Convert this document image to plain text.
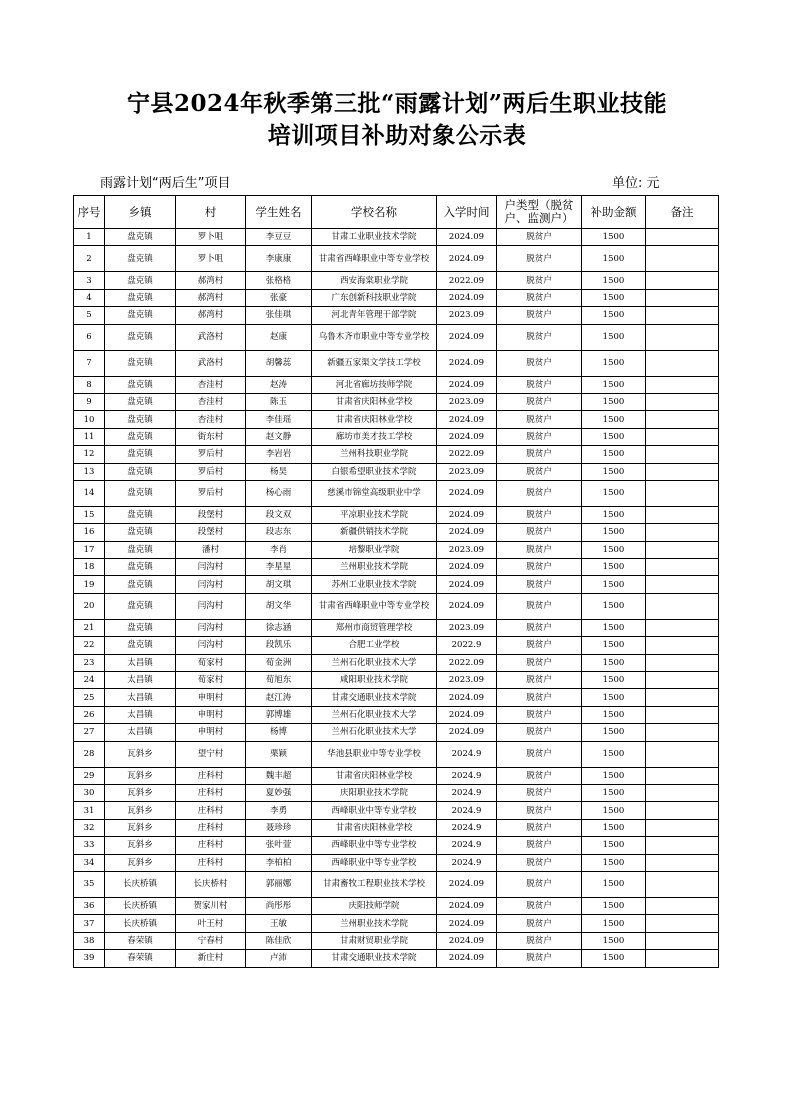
宁县2024年秋季第三批“雨露计划”两后生职业技能
培训项目补助对象公示表
雨露计划“两后生”项目	单位: 元
序号	乡镇	村	学生姓名	学校名称	入学时间	户类型（脱贫户、监测户）	补助金额	备注
1	盘克镇	罗卜咀	李豆豆	甘肃工业职业技术学院	2024.09	脱贫户	1500	
2	盘克镇	罗卜咀	李康康	甘肃省西峰职业中等专业学校	2024.09	脱贫户	1500	
3	盘克镇	郝湾村	张格格	西安海棠职业学院	2022.09	脱贫户	1500	
4	盘克镇	郝湾村	张豪	广东创新科技职业学院	2024.09	脱贫户	1500	
5	盘克镇	郝湾村	张佳琪	河北青年管理干部学院	2023.09	脱贫户	1500	
6	盘克镇	武洛村	赵康	乌鲁木齐市职业中等专业学校	2024.09	脱贫户	1500	
7	盘克镇	武洛村	胡馨蕊	新疆五家渠文学技工学校	2024.09	脱贫户	1500	
8	盘克镇	杏洼村	赵涛	河北省廊坊技师学院	2024.09	脱贫户	1500	
9	盘克镇	杏洼村	陈玉	甘肃省庆阳林业学校	2023.09	脱贫户	1500	
10	盘克镇	杏洼村	李佳瑶	甘肃省庆阳林业学校	2024.09	脱贫户	1500	
11	盘克镇	街东村	赵文静	廊坊市美才技工学校	2024.09	脱贫户	1500	
12	盘克镇	罗后村	李岩岩	兰州科技职业学院	2022.09	脱贫户	1500	
13	盘克镇	罗后村	杨昊	白银希望职业技术学院	2023.09	脱贫户	1500	
14	盘克镇	罗后村	杨心雨	慈溪市锦堂高级职业中学	2024.09	脱贫户	1500	
15	盘克镇	段堡村	段文双	平凉职业技术学院	2024.09	脱贫户	1500	
16	盘克镇	段堡村	段志东	新疆供销技术学院	2024.09	脱贫户	1500	
17	盘克镇	潘村	李肖	培黎职业学院	2023.09	脱贫户	1500	
18	盘克镇	闫沟村	李星星	兰州职业技术学院	2024.09	脱贫户	1500	
19	盘克镇	闫沟村	胡文琪	苏州工业职业技术学院	2024.09	脱贫户	1500	
20	盘克镇	闫沟村	胡文华	甘肃省西峰职业中等专业学校	2024.09	脱贫户	1500	
21	盘克镇	闫沟村	徐志涵	郑州市商贸管理学校	2023.09	脱贫户	1500	
22	盘克镇	闫沟村	段凯乐	合肥工业学校	2022.9	脱贫户	1500	
23	太昌镇	荀家村	荀金洲	兰州石化职业技术大学	2022.09	脱贫户	1500	
24	太昌镇	荀家村	荀旭东	咸阳职业技术学院	2023.09	脱贫户	1500	
25	太昌镇	申明村	赵江涛	甘肃交通职业技术学院	2024.09	脱贫户	1500	
26	太昌镇	申明村	郭博雄	兰州石化职业技术大学	2024.09	脱贫户	1500	
27	太昌镇	申明村	杨博	兰州石化职业技术大学	2024.09	脱贫户	1500	
28	瓦斜乡	望宁村	栗颖	华池县职业中等专业学校	2024.9	脱贫户	1500	
29	瓦斜乡	庄科村	魏丰超	甘肃省庆阳林业学校	2024.9	脱贫户	1500	
30	瓦斜乡	庄科村	夏妙强	庆阳职业技术学院	2024.9	脱贫户	1500	
31	瓦斜乡	庄科村	李勇	西峰职业中等专业学校	2024.9	脱贫户	1500	
32	瓦斜乡	庄科村	聂珍珍	甘肃省庆阳林业学校	2024.9	脱贫户	1500	
33	瓦斜乡	庄科村	张叶萱	西峰职业中等专业学校	2024.9	脱贫户	1500	
34	瓦斜乡	庄科村	李柏柏	西峰职业中等专业学校	2024.9	脱贫户	1500	
35	长庆桥镇	长庆桥村	郭丽娜	甘肃畜牧工程职业技术学校	2024.09	脱贫户	1500	
36	长庆桥镇	贺家川村	尚彤彤	庆阳技师学院	2024.09	脱贫户	1500	
37	长庆桥镇	叶王村	王敏	兰州职业技术学院	2024.09	脱贫户	1500	
38	春荣镇	宁春村	陈佳欣	甘肃财贸职业学院	2024.09	脱贫户	1500	
39	春荣镇	新庄村	卢沛	甘肃交通职业技术学院	2024.09	脱贫户	1500	
